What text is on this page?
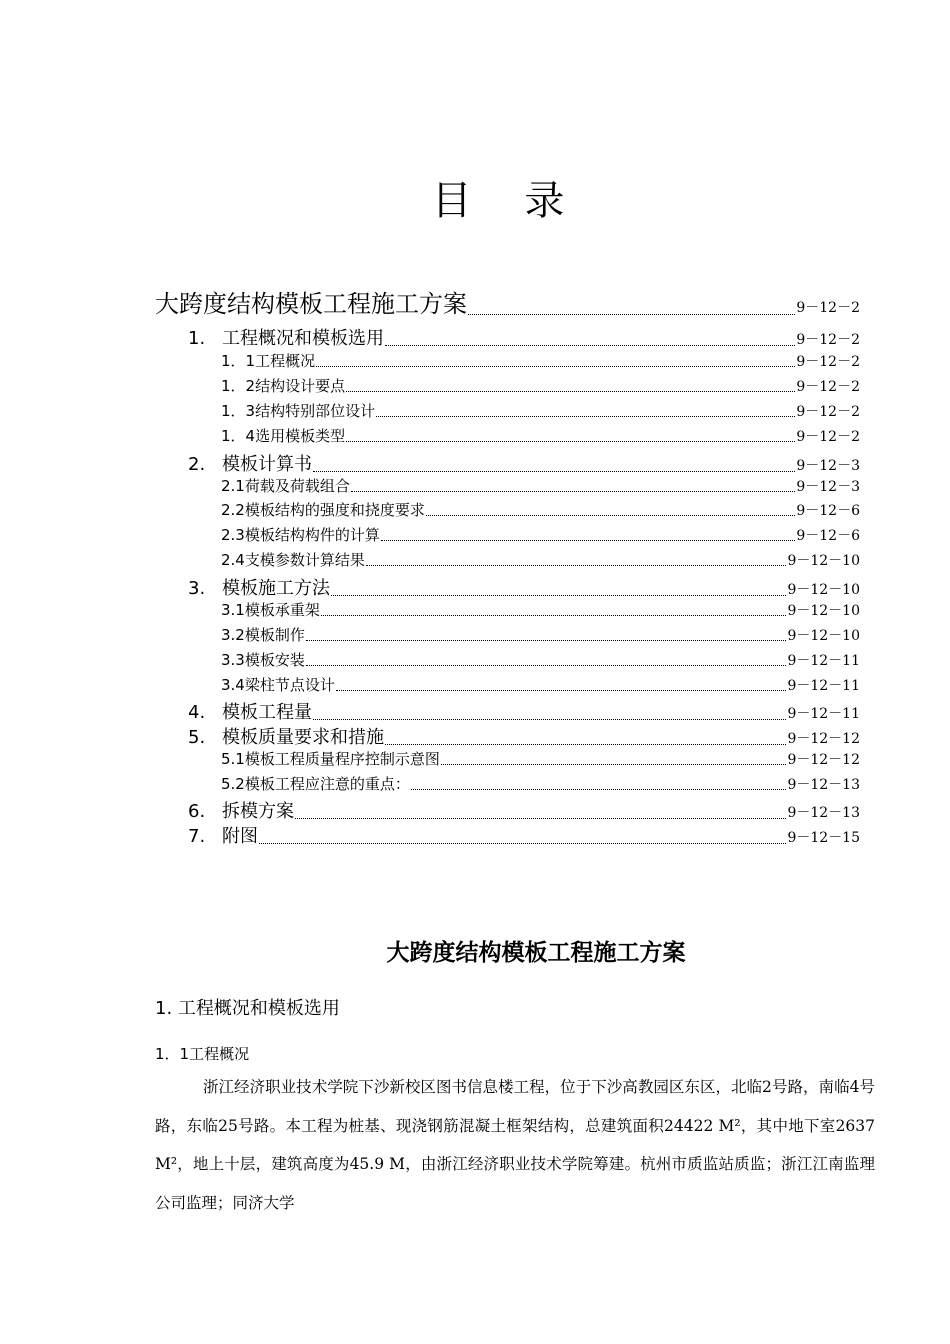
目 录
大跨度结构模板工程施工方案	9－12－2
1. 工程概况和模板选用	9－12－2
1．1 工程概况	9－12－2
1．2 结构设计要点	9－12－2
1．3 结构特别部位设计	9－12－2
1．4 选用模板类型	9－12－2
2. 模板计算书	9－12－3
2.1 荷载及荷载组合	9－12－3
2.2 模板结构的强度和挠度要求	9－12－6
2.3 模板结构构件的计算	9－12－6
2.4 支模参数计算结果	9－12－10
3. 模板施工方法	9－12－10
3.1 模板承重架	9－12－10
3.2 模板制作	9－12－10
3.3 模板安装	9－12－11
3.4 梁柱节点设计	9－12－11
4. 模板工程量	9－12－11
5. 模板质量要求和措施	9－12－12
5.1 模板工程质量程序控制示意图	9－12－12
5.2 模板工程应注意的重点：	9－12－13
6. 拆模方案	9－12－13
7. 附图	9－12－15
大跨度结构模板工程施工方案
1. 工程概况和模板选用
1．1工程概况
浙江经济职业技术学院下沙新校区图书信息楼工程，位于下沙高教园区东区，北临2号路，南临4号路，东临25号路。本工程为桩基、现浇钢筋混凝土框架结构，总建筑面积24422 M²，其中地下室2637 M²，地上十层，建筑高度为45.9 M，由浙江经济职业技术学院筹建。杭州市质监站质监；浙江江南监理公司监理；同济大学
